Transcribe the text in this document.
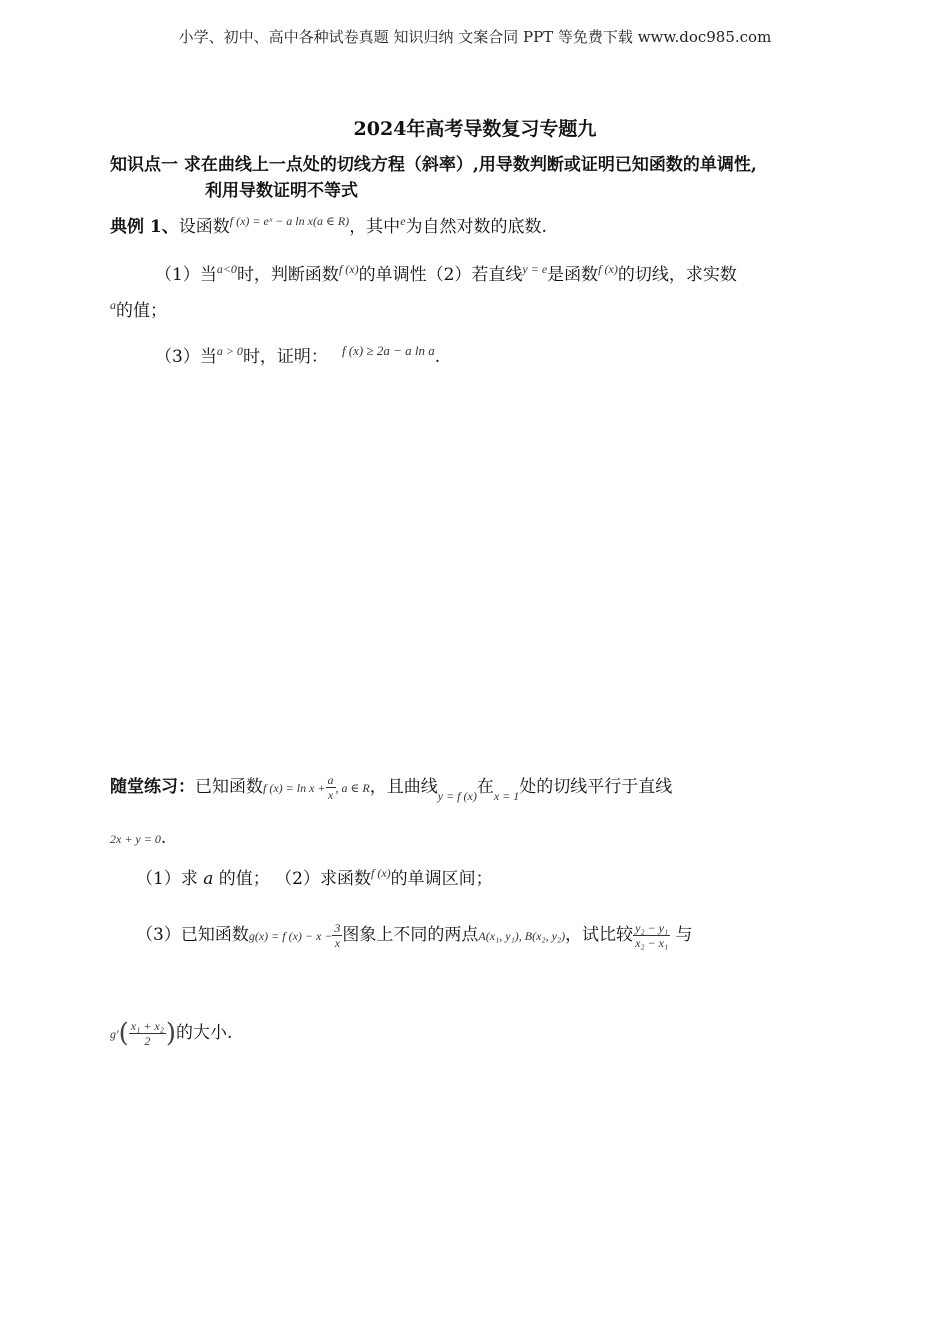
小学、初中、高中各种试卷真题 知识归纳 文案合同 PPT 等免费下载 www.doc985.com
2024年高考导数复习专题九
知识点一 求在曲线上一点处的切线方程（斜率）,用导数判断或证明已知函数的单调性,
利用导数证明不等式
典例 1、设函数$^{f (x) = eˣ - a ln x(a \in R)}$，其中$^e$为自然对数的底数.
（1）当$^{a<0}$时，判断函数$^{f (x)}$的单调性（2）若直线$^{y = e}$是函数$^{f (x)}$的切线，求实数
$^a$的值；
（3）当$^{a > 0}$时，证明： $^{f (x) \ge 2a - a ln a}$.
随堂练习：已知函数f $(x) = \ln x + \frac{a}{x}$ , a ∈ R，且曲线$_{y = f (x)}$在$_{x = 1}$处的切线平行于直线
2x + y = 0.
（1）求 a 的值； （2）求函数$^{f (x)}$的单调区间；
（3）已知函数g(x) = f $(x) - x - \frac{3}{x}$ 图象上不同的两点A(x₁, y₁), B(x₂, y₂)，试比较 $\frac{\text{y₂ − y₁}}{\text{x₂ − x₁}}$ 与
$g'( \frac{\text{x₁ + x₂}}{2}$ )的大小.
